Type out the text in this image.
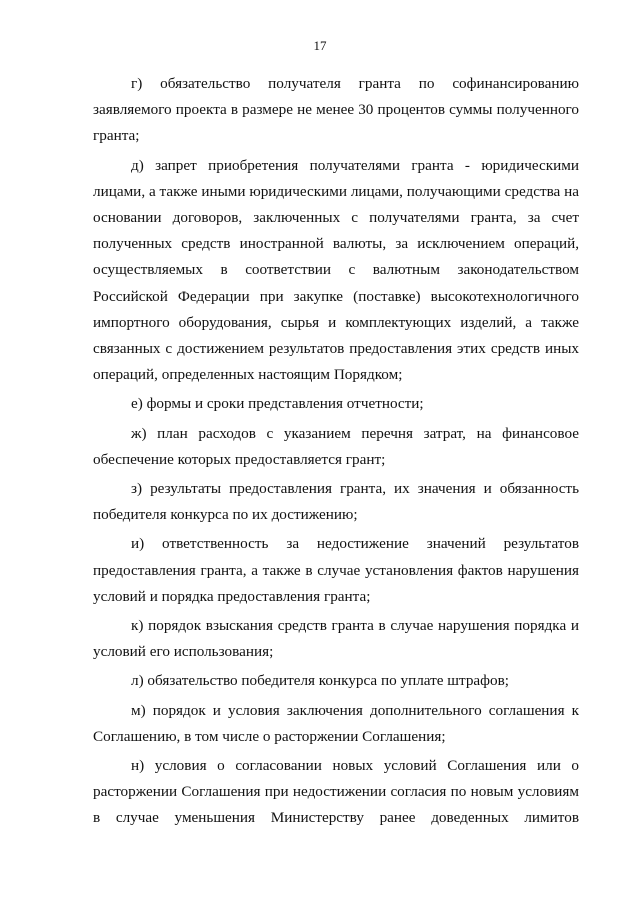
17

г) обязательство получателя гранта по софинансированию заявляемого проекта в размере не менее 30 процентов суммы полученного гранта;

д) запрет приобретения получателями гранта - юридическими лицами, а также иными юридическими лицами, получающими средства на основании договоров, заключенных с получателями гранта, за счет полученных средств иностранной валюты, за исключением операций, осуществляемых в соответствии с валютным законодательством Российской Федерации при закупке (поставке) высокотехнологичного импортного оборудования, сырья и комплектующих изделий, а также связанных с достижением результатов предоставления этих средств иных операций, определенных настоящим Порядком;

е) формы и сроки представления отчетности;

ж) план расходов с указанием перечня затрат, на финансовое обеспечение которых предоставляется грант;

з) результаты предоставления гранта, их значения и обязанность победителя конкурса по их достижению;

и) ответственность за недостижение значений результатов предоставления гранта, а также в случае установления фактов нарушения условий и порядка предоставления гранта;

к) порядок взыскания средств гранта в случае нарушения порядка и условий его использования;

л) обязательство победителя конкурса по уплате штрафов;

м) порядок и условия заключения дополнительного соглашения к Соглашению, в том числе о расторжении Соглашения;

н) условия о согласовании новых условий Соглашения или о расторжении Соглашения при недостижении согласия по новым условиям в случае уменьшения Министерству ранее доведенных лимитов
